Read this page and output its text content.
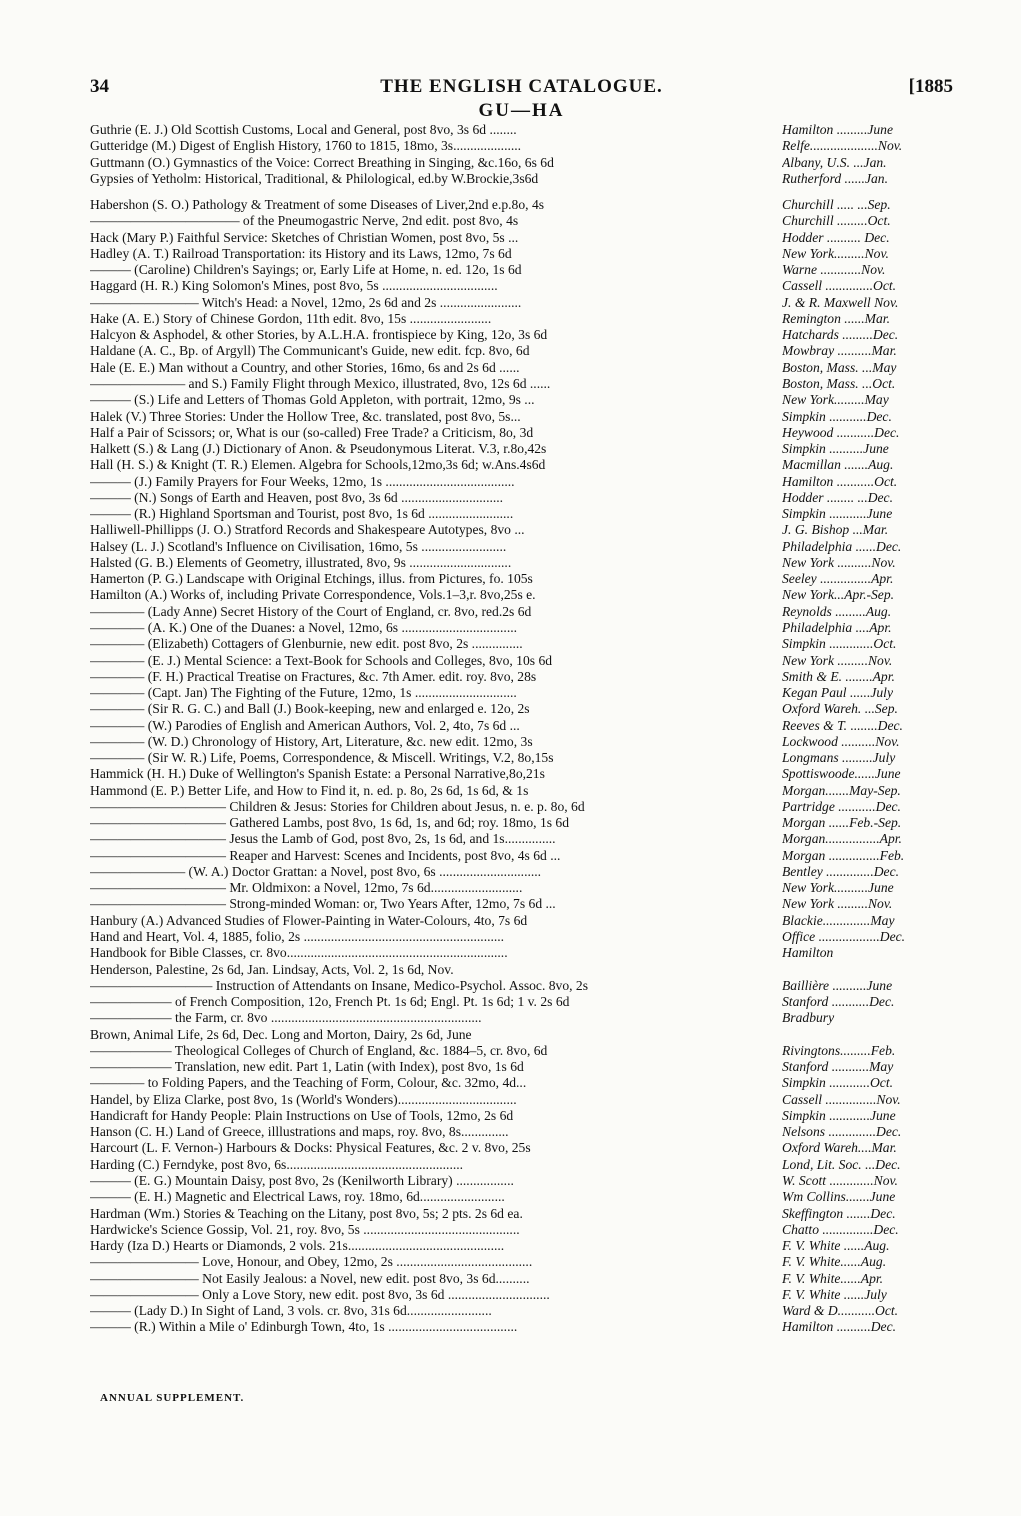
34	THE ENGLISH CATALOGUE.	[1885
GU—HA
Guthrie (E. J.) Old Scottish Customs, Local and General, post 8vo, 3s 6d ........	Hamilton .........June
Gutteridge (M.) Digest of English History, 1760 to 1815, 18mo, 3s....................	Relfe....................Nov.
Guttmann (O.) Gymnastics of the Voice: Correct Breathing in Singing, &c.16o, 6s 6d	Albany, U.S. ...Jan.
Gypsies of Yetholm: Historical, Traditional, & Philological, ed.by W.Brockie,3s6d	Rutherford ......Jan.
Habershon (S. O.) Pathology & Treatment of some Diseases of Liver,2nd e.p.8o, 4s	Churchill ..... ...Sep.
——————————— of the Pneumogastric Nerve, 2nd edit. post 8vo, 4s	Churchill .........Oct.
Hack (Mary P.) Faithful Service: Sketches of Christian Women, post 8vo, 5s ...	Hodder .......... Dec.
Hadley (A. T.) Railroad Transportation: its History and its Laws, 12mo, 7s 6d	New York.........Nov.
——— (Caroline) Children's Sayings; or, Early Life at Home, n. ed. 12o, 1s 6d	Warne ............Nov.
Haggard (H. R.) King Solomon's Mines, post 8vo, 5s ..................................	Cassell ..............Oct.
———————— Witch's Head: a Novel, 12mo, 2s 6d and 2s ........................	J. & R. Maxwell Nov.
Hake (A. E.) Story of Chinese Gordon, 11th edit. 8vo, 15s ........................	Remington ......Mar.
Halcyon & Asphodel, & other Stories, by A.L.H.A. frontispiece by King, 12o, 3s 6d	Hatchards .........Dec.
Haldane (A. C., Bp. of Argyll) The Communicant's Guide, new edit. fcp. 8vo, 6d	Mowbray ..........Mar.
Hale (E. E.) Man without a Country, and other Stories, 16mo, 6s and 2s 6d ......	Boston, Mass. ...May
——————— and S.) Family Flight through Mexico, illustrated, 8vo, 12s 6d ......	Boston, Mass. ...Oct.
——— (S.) Life and Letters of Thomas Gold Appleton, with portrait, 12mo, 9s ...	New York.........May
Halek (V.) Three Stories: Under the Hollow Tree, &c. translated, post 8vo, 5s...	Simpkin ...........Dec.
Half a Pair of Scissors; or, What is our (so-called) Free Trade? a Criticism, 8o, 3d	Heywood ...........Dec.
Halkett (S.) & Lang (J.) Dictionary of Anon. & Pseudonymous Literat. V.3, r.8o,42s	Simpkin ..........June
Hall (H. S.) & Knight (T. R.) Elemen. Algebra for Schools,12mo,3s 6d; w.Ans.4s6d	Macmillan .......Aug.
——— (J.) Family Prayers for Four Weeks, 12mo, 1s ......................................	Hamilton ...........Oct.
——— (N.) Songs of Earth and Heaven, post 8vo, 3s 6d ..............................	Hodder ........ ...Dec.
——— (R.) Highland Sportsman and Tourist, post 8vo, 1s 6d .........................	Simpkin ...........June
Halliwell-Phillipps (J. O.) Stratford Records and Shakespeare Autotypes, 8vo ...	J. G. Bishop ...Mar.
Halsey (L. J.) Scotland's Influence on Civilisation, 16mo, 5s .........................	Philadelphia ......Dec.
Halsted (G. B.) Elements of Geometry, illustrated, 8vo, 9s ..............................	New York ..........Nov.
Hamerton (P. G.) Landscape with Original Etchings, illus. from Pictures, fo. 105s	Seeley ...............Apr.
Hamilton (A.) Works of, including Private Correspondence, Vols.1–3,r. 8vo,25s e.	New York...Apr.-Sep.
———— (Lady Anne) Secret History of the Court of England, cr. 8vo, red.2s 6d	Reynolds .........Aug.
———— (A. K.) One of the Duanes: a Novel, 12mo, 6s ..................................	Philadelphia ....Apr.
———— (Elizabeth) Cottagers of Glenburnie, new edit. post 8vo, 2s ...............	Simpkin .............Oct.
———— (E. J.) Mental Science: a Text-Book for Schools and Colleges, 8vo, 10s 6d	New York .........Nov.
———— (F. H.) Practical Treatise on Fractures, &c. 7th Amer. edit. roy. 8vo, 28s	Smith & E. ........Apr.
———— (Capt. Jan) The Fighting of the Future, 12mo, 1s ..............................	Kegan Paul ......July
———— (Sir R. G. C.) and Ball (J.) Book-keeping, new and enlarged e. 12o, 2s	Oxford Wareh. ...Sep.
———— (W.) Parodies of English and American Authors, Vol. 2, 4to, 7s 6d ...	Reeves & T. ........Dec.
———— (W. D.) Chronology of History, Art, Literature, &c. new edit. 12mo, 3s	Lockwood ..........Nov.
———— (Sir W. R.) Life, Poems, Correspondence, & Miscell. Writings, V.2, 8o,15s	Longmans .........July
Hammick (H. H.) Duke of Wellington's Spanish Estate: a Personal Narrative,8o,21s	Spottiswoode......June
Hammond (E. P.) Better Life, and How to Find it, n. ed. p. 8o, 2s 6d, 1s 6d, & 1s	Morgan.......May-Sep.
—————————— Children & Jesus: Stories for Children about Jesus, n. e. p. 8o, 6d	Partridge ...........Dec.
—————————— Gathered Lambs, post 8vo, 1s 6d, 1s, and 6d; roy. 18mo, 1s 6d	Morgan ......Feb.-Sep.
—————————— Jesus the Lamb of God, post 8vo, 2s, 1s 6d, and 1s...............	Morgan................Apr.
—————————— Reaper and Harvest: Scenes and Incidents, post 8vo, 4s 6d ...	Morgan ...............Feb.
——————— (W. A.) Doctor Grattan: a Novel, post 8vo, 6s ..............................	Bentley ..............Dec.
—————————— Mr. Oldmixon: a Novel, 12mo, 7s 6d...........................	New York..........June
—————————— Strong-minded Woman: or, Two Years After, 12mo, 7s 6d ...	New York .........Nov.
Hanbury (A.) Advanced Studies of Flower-Painting in Water-Colours, 4to, 7s 6d	Blackie..............May
Hand and Heart, Vol. 4, 1885, folio, 2s ...........................................................	Office ..................Dec.
Handbook for Bible Classes, cr. 8vo.................................................................	Hamilton
Henderson, Palestine, 2s 6d, Jan. Lindsay, Acts, Vol. 2, 1s 6d, Nov.
————————— Instruction of Attendants on Insane, Medico-Psychol. Assoc. 8vo, 2s	Baillière ..........June
—————— of French Composition, 12o, French Pt. 1s 6d; Engl. Pt. 1s 6d; 1 v. 2s 6d	Stanford ...........Dec.
—————— the Farm, cr. 8vo ..............................................................	Bradbury
Brown, Animal Life, 2s 6d, Dec. Long and Morton, Dairy, 2s 6d, June
—————— Theological Colleges of Church of England, &c. 1884–5, cr. 8vo, 6d	Rivingtons.........Feb.
—————— Translation, new edit. Part 1, Latin (with Index), post 8vo, 1s 6d	Stanford ...........May
———— to Folding Papers, and the Teaching of Form, Colour, &c. 32mo, 4d...	Simpkin ............Oct.
Handel, by Eliza Clarke, post 8vo, 1s (World's Wonders)...................................	Cassell ...............Nov.
Handicraft for Handy People: Plain Instructions on Use of Tools, 12mo, 2s 6d	Simpkin ............June
Hanson (C. H.) Land of Greece, illlustrations and maps, roy. 8vo, 8s..............	Nelsons ..............Dec.
Harcourt (L. F. Vernon-) Harbours & Docks: Physical Features, &c. 2 v. 8vo, 25s	Oxford Wareh....Mar.
Harding (C.) Ferndyke, post 8vo, 6s....................................................	Lond, Lit. Soc. ...Dec.
——— (E. G.) Mountain Daisy, post 8vo, 2s (Kenilworth Library) .................	W. Scott .............Nov.
——— (E. H.) Magnetic and Electrical Laws, roy. 18mo, 6d.........................	Wm Collins.......June
Hardman (Wm.) Stories & Teaching on the Litany, post 8vo, 5s; 2 pts. 2s 6d ea.	Skeffington .......Dec.
Hardwicke's Science Gossip, Vol. 21, roy. 8vo, 5s ..............................................	Chatto ...............Dec.
Hardy (Iza D.) Hearts or Diamonds, 2 vols. 21s..............................................	F. V. White ......Aug.
———————— Love, Honour, and Obey, 12mo, 2s ........................................	F. V. White......Aug.
———————— Not Easily Jealous: a Novel, new edit. post 8vo, 3s 6d..........	F. V. White......Apr.
———————— Only a Love Story, new edit. post 8vo, 3s 6d ..............................	F. V. White ......July
——— (Lady D.) In Sight of Land, 3 vols. cr. 8vo, 31s 6d.........................	Ward & D...........Oct.
——— (R.) Within a Mile o' Edinburgh Town, 4to, 1s ......................................	Hamilton ..........Dec.
ANNUAL SUPPLEMENT.
